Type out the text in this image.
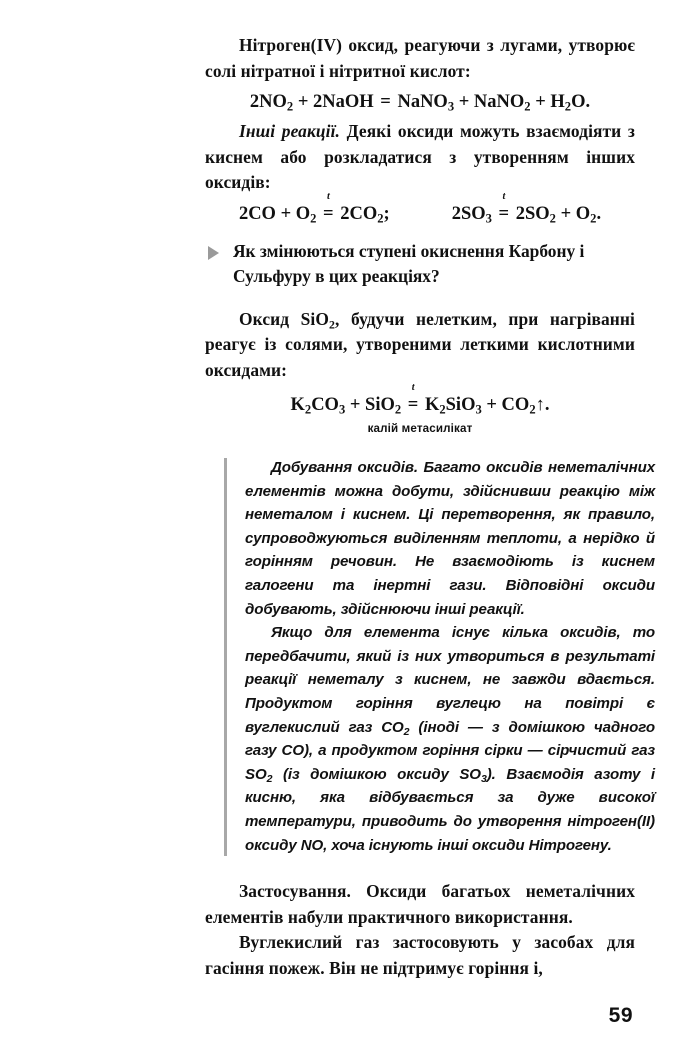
Нітроген(IV) оксид, реагуючи з лугами, утворює солі нітратної і нітритної кислот:

$2NO_2$ + 2NaOH = NaNO$_3$ + NaNO$_2$ + $H_2O$.

Інші реакції. Деякі оксиди можуть взаємодіяти з киснем або розкладатися з утворенням інших оксидів:

$2CO + O_2$
t
= $2CO_2$;	$2SO_3$
t
= $2SO_2 + O_2$.
Як змінюються ступені окиснення Карбону і Сульфуру в цих реакціях?

Оксид SiO$_2$, будучи нелетким, при нагріванні реагує із солями, утвореними леткими кислотними оксидами:

$K_2CO_3 + SiO_2$
t
= $K_2SiO_3$ + $CO_2↑$.

калій метасилікат

Добування оксидів. Багато оксидів неметалічних елементів можна добути, здійснивши реакцію між неметалом і киснем. Ці перетворення, як правило, супроводжуються виділенням теплоти, а нерідко й горінням речовин. Не взаємодіють із киснем галогени та інертні гази. Відповідні оксиди добувають, здійснюючи інші реакції.

Якщо для елемента існує кілька оксидів, то передбачити, який із них утвориться в результаті реакції неметалу з киснем, не завжди вдається. Продуктом горіння вуглецю на повітрі є вуглекислий газ $CO_2$ (іноді — з домішкою чадного газу CO), а продуктом горіння сірки — сірчистий газ $SO_2$ (із домішкою оксиду $SO_3$). Взаємодія азоту і кисню, яка відбувається за дуже високої температури, приводить до утворення нітроген(II) оксиду NO, хоча існують інші оксиди Нітрогену.

Застосування. Оксиди багатьох неметалічних елементів набули практичного використання.

Вуглекислий газ застосовують у засобах для гасіння пожеж. Він не підтримує горіння і,

59
